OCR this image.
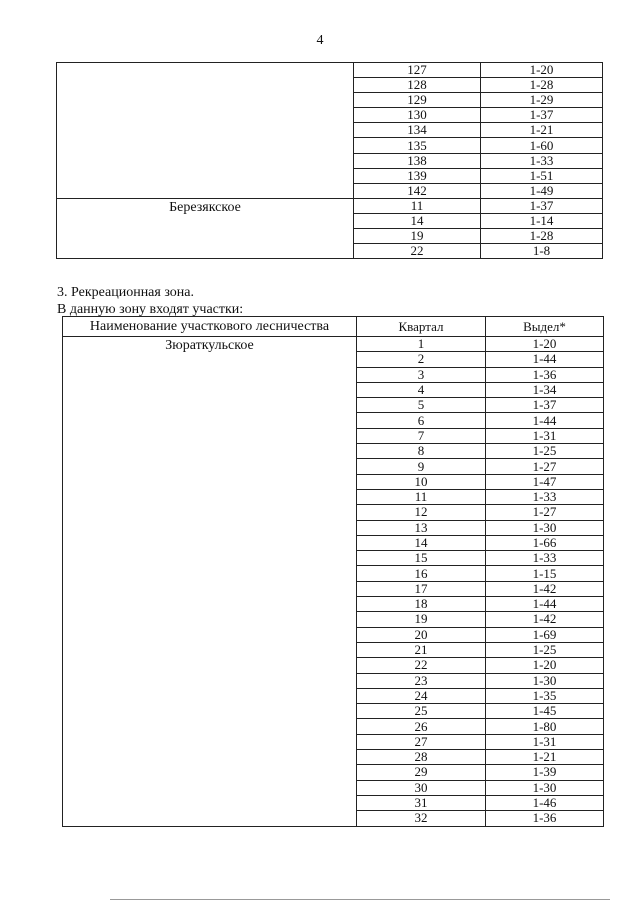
4
	127	1-20
	128	1-28
	129	1-29
	130	1-37
	134	1-21
	135	1-60
	138	1-33
	139	1-51
	142	1-49
Березякское	11	1-37
	14	1-14
	19	1-28
	22	1-8
3. Рекреационная зона.
В данную зону входят участки:
Наименование участкового лесничества	Квартал	Выдел*
Зюраткульское	1	1-20
	2	1-44
	3	1-36
	4	1-34
	5	1-37
	6	1-44
	7	1-31
	8	1-25
	9	1-27
	10	1-47
	11	1-33
	12	1-27
	13	1-30
	14	1-66
	15	1-33
	16	1-15
	17	1-42
	18	1-44
	19	1-42
	20	1-69
	21	1-25
	22	1-20
	23	1-30
	24	1-35
	25	1-45
	26	1-80
	27	1-31
	28	1-21
	29	1-39
	30	1-30
	31	1-46
	32	1-36
